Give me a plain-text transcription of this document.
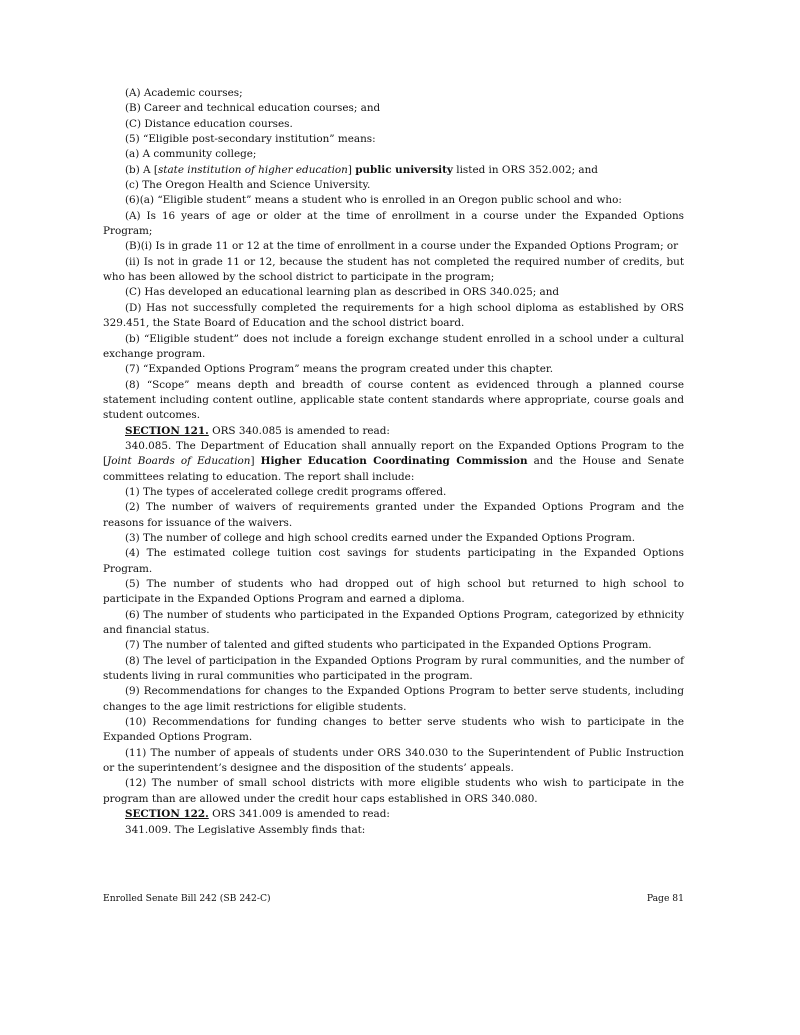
(A) Academic courses;

(B) Career and technical education courses; and

(C) Distance education courses.

(5) “Eligible post-secondary institution” means:

(a) A community college;

(b) A [state institution of higher education] public university listed in ORS 352.002; and

(c) The Oregon Health and Science University.

(6)(a) “Eligible student” means a student who is enrolled in an Oregon public school and who:

(A) Is 16 years of age or older at the time of enrollment in a course under the Expanded Options Program;

(B)(i) Is in grade 11 or 12 at the time of enrollment in a course under the Expanded Options Program; or

(ii) Is not in grade 11 or 12, because the student has not completed the required number of credits, but who has been allowed by the school district to participate in the program;

(C) Has developed an educational learning plan as described in ORS 340.025; and

(D) Has not successfully completed the requirements for a high school diploma as established by ORS 329.451, the State Board of Education and the school district board.

(b) “Eligible student” does not include a foreign exchange student enrolled in a school under a cultural exchange program.

(7) “Expanded Options Program” means the program created under this chapter.

(8) “Scope” means depth and breadth of course content as evidenced through a planned course statement including content outline, applicable state content standards where appropriate, course goals and student outcomes.

SECTION 121. ORS 340.085 is amended to read:

340.085. The Department of Education shall annually report on the Expanded Options Program to the [Joint Boards of Education] Higher Education Coordinating Commission and the House and Senate committees relating to education. The report shall include:

(1) The types of accelerated college credit programs offered.

(2) The number of waivers of requirements granted under the Expanded Options Program and the reasons for issuance of the waivers.

(3) The number of college and high school credits earned under the Expanded Options Program.

(4) The estimated college tuition cost savings for students participating in the Expanded Options Program.

(5) The number of students who had dropped out of high school but returned to high school to participate in the Expanded Options Program and earned a diploma.

(6) The number of students who participated in the Expanded Options Program, categorized by ethnicity and financial status.

(7) The number of talented and gifted students who participated in the Expanded Options Program.

(8) The level of participation in the Expanded Options Program by rural communities, and the number of students living in rural communities who participated in the program.

(9) Recommendations for changes to the Expanded Options Program to better serve students, including changes to the age limit restrictions for eligible students.

(10) Recommendations for funding changes to better serve students who wish to participate in the Expanded Options Program.

(11) The number of appeals of students under ORS 340.030 to the Superintendent of Public Instruction or the superintendent’s designee and the disposition of the students’ appeals.

(12) The number of small school districts with more eligible students who wish to participate in the program than are allowed under the credit hour caps established in ORS 340.080.

SECTION 122. ORS 341.009 is amended to read:

341.009. The Legislative Assembly finds that:

Enrolled Senate Bill 242 (SB 242-C)	Page 81
